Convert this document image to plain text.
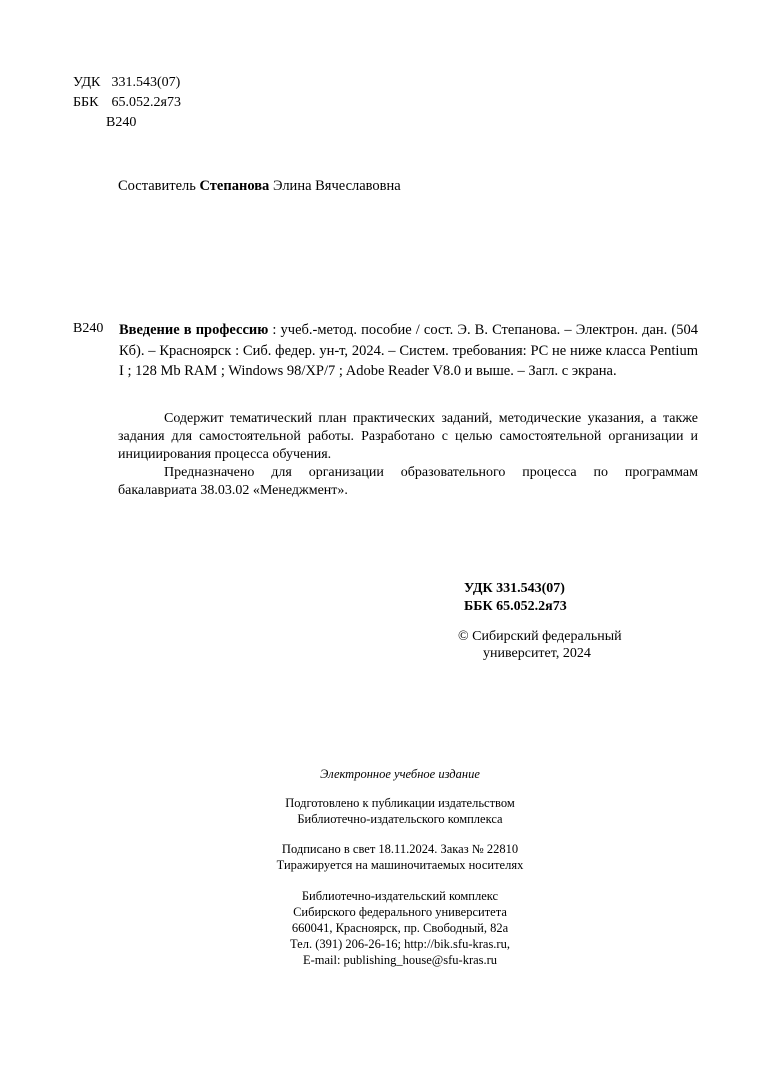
УДК 331.543(07)
ББК 65.052.2я73
В240
Составитель Степанова Элина Вячеславовна
В240 Введение в профессию : учеб.-метод. пособие / сост. Э. В. Степанова. – Электрон. дан. (504 Кб). – Красноярск : Сиб. федер. ун-т, 2024. – Систем. требования: PC не ниже класса Pentium I ; 128 Mb RAM ; Windows 98/XP/7 ; Adobe Reader V8.0 и выше. – Загл. с экрана.

Содержит тематический план практических заданий, методические указания, а также задания для самостоятельной работы. Разработано с целью самостоятельной организации и инициирования процесса обучения.

Предназначено для организации образовательного процесса по программам бакалавриата 38.03.02 «Менеджмент».

УДК 331.543(07)
ББК 65.052.2я73
© Сибирский федеральный
университет, 2024
Электронное учебное издание
Подготовлено к публикации издательством
Библиотечно-издательского комплекса
Подписано в свет 18.11.2024. Заказ № 22810
Тиражируется на машиночитаемых носителях
Библиотечно-издательский комплекс
Сибирского федерального университета
660041, Красноярск, пр. Свободный, 82а
Тел. (391) 206-26-16; http://bik.sfu-kras.ru,
E-mail: publishing_house@sfu-kras.ru
